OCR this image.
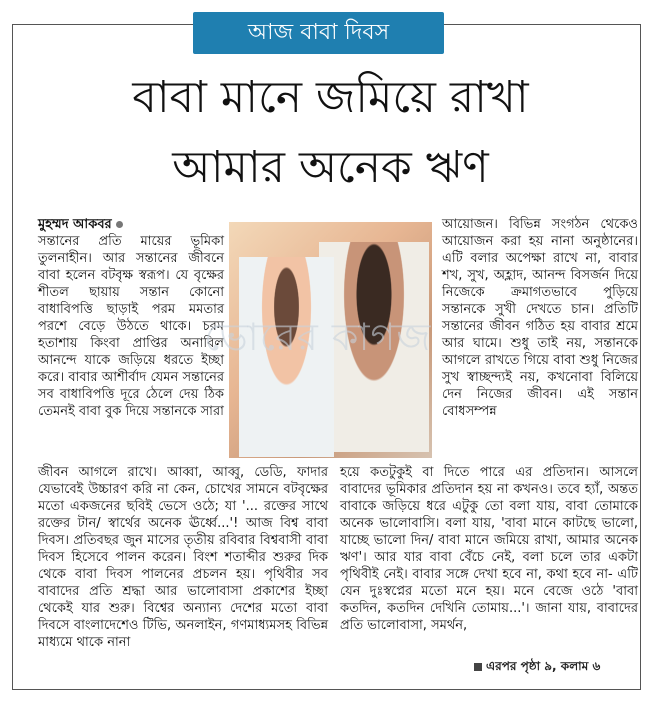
আজ বাবা দিবস
বাবা মানে জমিয়ে রাখা
আমার অনেক ঋণ
মুহম্মদ আকবর
সন্তানের প্রতি মায়ের ভূমিকা তুলনাহীন। আর সন্তানের জীবনে বাবা হলেন বটবৃক্ষ স্বরূপ। যে বৃক্ষের শীতল ছায়ায় সন্তান কোনো বাধাবিপত্তি ছাড়াই পরম মমতার পরশে বেড়ে উঠতে থাকে। চরম হতাশায় কিংবা প্রাপ্তির অনাবিল আনন্দে যাকে জড়িয়ে ধরতে ইচ্ছা করে। বাবার আশীর্বাদ যেমন সন্তানের সব বাধাবিপত্তি দূরে ঠেলে দেয় ঠিক তেমনই বাবা বুক দিয়ে সন্তানকে সারা
ভোরের কাগজ
আয়োজন। বিভিন্ন সংগঠন থেকেও আয়োজন করা হয় নানা অনুষ্ঠানের। এটি বলার অপেক্ষা রাখে না, বাবার শখ, সুখ, অহ্লাদ, আনন্দ বিসর্জন দিয়ে নিজেকে ক্রমাগতভাবে পুড়িয়ে সন্তানকে সুখী দেখতে চান। প্রতিটি সন্তানের জীবন গঠিত হয় বাবার শ্রমে আর ঘামে। শুধু তাই নয়, সন্তানকে আগলে রাখতে গিয়ে বাবা শুধু নিজের সুখ স্বাচ্ছন্দ্যই নয়, কখনোবা বিলিয়ে দেন নিজের জীবন। এই সন্তান বোধসম্পন্ন
জীবন আগলে রাখে। আব্বা, আব্বু, ডেডি, ফাদার যেভাবেই উচ্চারণ করি না কেন, চোখের সামনে বটবৃক্ষের মতো একজনের ছবিই ভেসে ওঠে; যা '... রক্তের সাথে রক্তের টান/ স্বার্থের অনেক ঊর্ধ্বে...'! আজ বিশ্ব বাবা দিবস। প্রতিবছর জুন মাসের তৃতীয় রবিবার বিশ্ববাসী বাবা দিবস হিসেবে পালন করেন। বিংশ শতাব্দীর শুরুর দিক থেকে বাবা দিবস পালনের প্রচলন হয়। পৃথিবীর সব বাবাদের প্রতি শ্রদ্ধা আর ভালোবাসা প্রকাশের ইচ্ছা থেকেই যার শুরু। বিশ্বের অন্যান্য দেশের মতো বাবা দিবসে বাংলাদেশেও টিভি, অনলাইন, গণমাধ্যমসহ বিভিন্ন মাধ্যমে থাকে নানা
হয়ে কতটুকুই বা দিতে পারে এর প্রতিদান। আসলে বাবাদের ভূমিকার প্রতিদান হয় না কখনও। তবে হ্যাঁ, অন্তত বাবাকে জড়িয়ে ধরে এটুকু তো বলা যায়, বাবা তোমাকে অনেক ভালোবাসি। বলা যায়, 'বাবা মানে কাটছে ভালো, যাচ্ছে ভালো দিন/ বাবা মানে জমিয়ে রাখা, আমার অনেক ঋণ'। আর যার বাবা বেঁচে নেই, বলা চলে তার একটা পৃথিবীই নেই। বাবার সঙ্গে দেখা হবে না, কথা হবে না- এটি যেন দুঃস্বপ্নের মতো মনে হয়। মনে বেজে ওঠে 'বাবা কতদিন, কতদিন দেখিনি তোমায়...'। জানা যায়, বাবাদের প্রতি ভালোবাসা, সমর্থন,
এরপর পৃষ্ঠা ৯, কলাম ৬
